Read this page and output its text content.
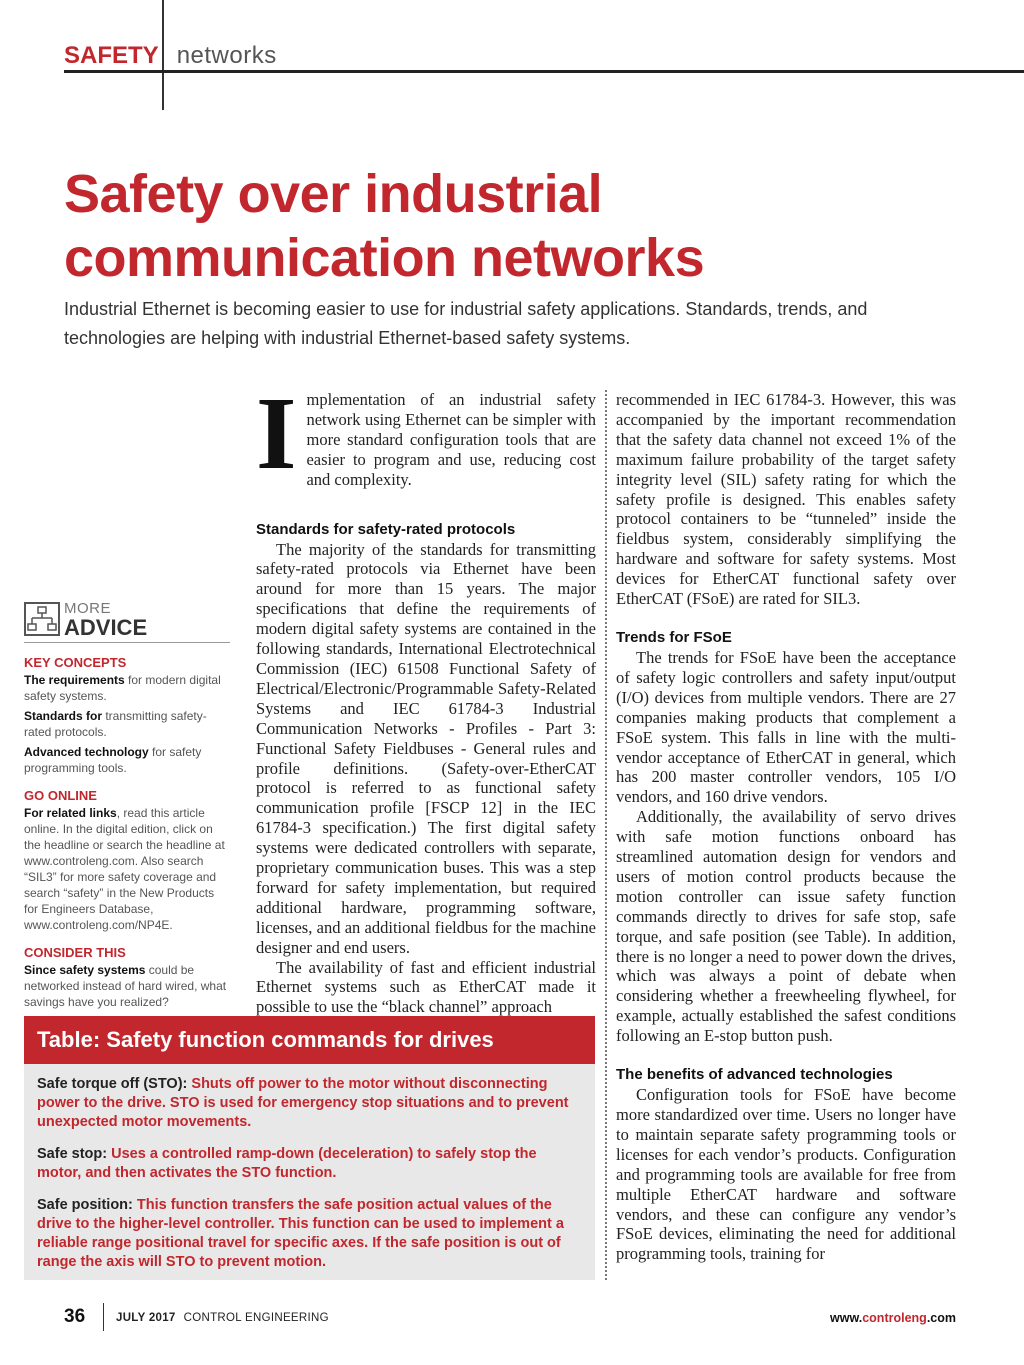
SAFETY networks
Safety over industrial
communication networks
Industrial Ethernet is becoming easier to use for industrial safety applications. Standards, trends, and technologies are helping with industrial Ethernet-based safety systems.
MORE
ADVICE
KEY CONCEPTS

The requirements for modern digital safety systems.

Standards for transmitting safety-rated protocols.

Advanced technology for safety programming tools.

GO ONLINE

For related links, read this article online. In the digital edition, click on the headline or search the headline at www.controleng.com. Also search “SIL3” for more safety coverage and search “safety” in the New Products for Engineers Database, www.controleng.com/NP4E.

CONSIDER THIS

Since safety systems could be networked instead of hard wired, what savings have you realized?

I mplementation of an industrial safety network using Ethernet can be simpler with more standard configuration tools that are easier to program and use, reducing cost and complexity.

Standards for safety-rated protocols

The majority of the standards for transmitting safety-rated protocols via Ethernet have been around for more than 15 years. The major specifications that define the requirements of modern digital safety systems are contained in the following standards, International Electrotechnical Commission (IEC) 61508 Functional Safety of Electrical/Electronic/Programmable Safety-Related Systems and IEC 61784-3 Industrial Communication Networks - Profiles - Part 3: Functional Safety Fieldbuses - General rules and profile definitions. (Safety-over-EtherCAT protocol is referred to as functional safety communication profile [FSCP 12] in the IEC 61784-3 specification.) The first digital safety systems were dedicated controllers with separate, proprietary communication buses. This was a step forward for safety implementation, but required additional hardware, programming software, licenses, and an additional fieldbus for the machine designer and end users.

The availability of fast and efficient industrial Ethernet systems such as EtherCAT made it possible to use the “black channel” approach

recommended in IEC 61784-3. However, this was accompanied by the important recommendation that the safety data channel not exceed 1% of the maximum failure probability of the target safety integrity level (SIL) safety rating for which the safety profile is designed. This enables safety protocol containers to be “tunneled” inside the fieldbus system, considerably simplifying the hardware and software for safety systems. Most devices for EtherCAT functional safety over EtherCAT (FSoE) are rated for SIL3.

Trends for FSoE

The trends for FSoE have been the acceptance of safety logic controllers and safety input/output (I/O) devices from multiple vendors. There are 27 companies making products that complement a FSoE system. This falls in line with the multi-vendor acceptance of EtherCAT in general, which has 200 master controller vendors, 105 I/O vendors, and 160 drive vendors.

Additionally, the availability of servo drives with safe motion functions onboard has streamlined automation design for vendors and users of motion control products because the motion controller can issue safety function commands directly to drives for safe stop, safe torque, and safe position (see Table). In addition, there is no longer a need to power down the drives, which was always a point of debate when considering whether a freewheeling flywheel, for example, actually established the safest conditions following an E-stop button push.

The benefits of advanced technologies

Configuration tools for FSoE have become more standardized over time. Users no longer have to maintain separate safety programming tools or licenses for each vendor’s products. Configuration and programming tools are available for free from multiple EtherCAT hardware and software vendors, and these can configure any vendor’s FSoE devices, eliminating the need for additional programming tools, training for

Table: Safety function commands for drives
Safe torque off (STO): Shuts off power to the motor without disconnecting power to the drive. STO is used for emergency stop situations and to prevent unexpected motor movements.
Safe stop: Uses a controlled ramp-down (deceleration) to safely stop the motor, and then activates the STO function.
Safe position: This function transfers the safe position actual values of the drive to the higher-level controller. This function can be used to implement a reliable range positional travel for specific axes. If the safe position is out of range the axis will STO to prevent motion.
36	JULY 2017 CONTROL ENGINEERING	www.controleng.com
